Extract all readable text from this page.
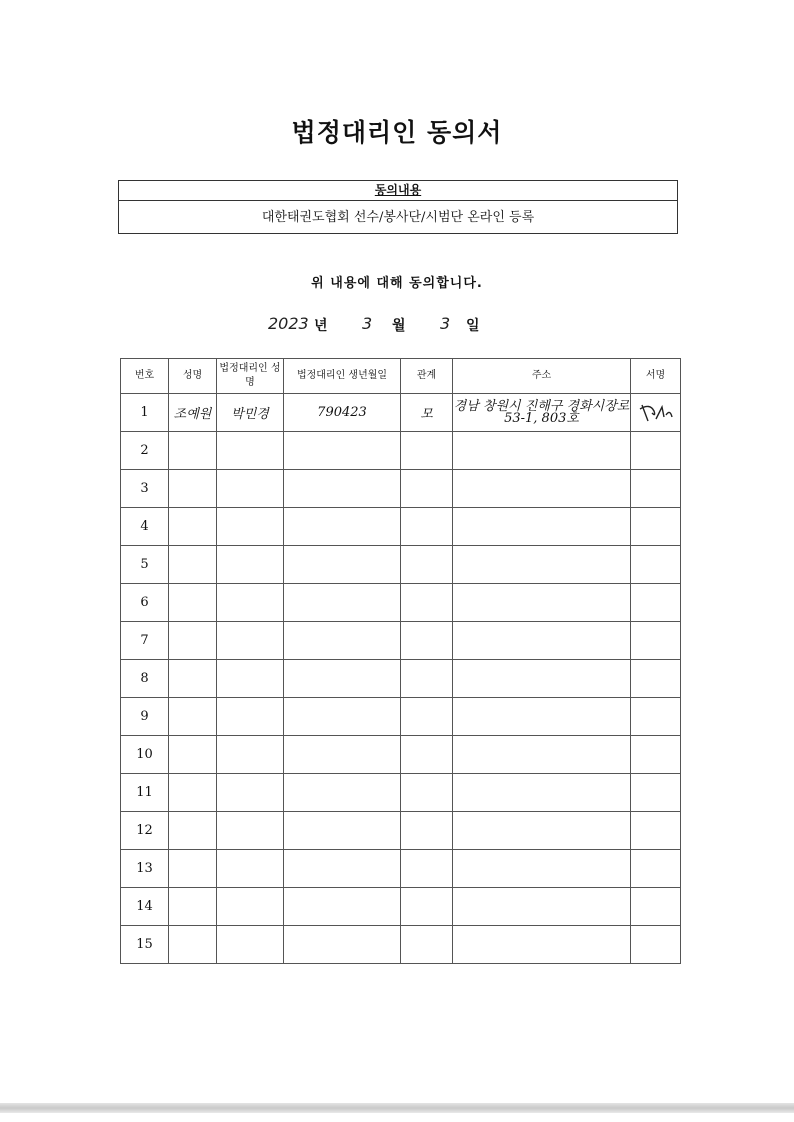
법정대리인 동의서
동의내용
대한태권도협회 선수/봉사단/시범단 온라인 등록
위 내용에 대해 동의합니다.
2023 년 3 월 3 일
번호	성명	법정대리인 성명	법정대리인 생년월일	관계	주소	서명
1	조예원	박민경	790423	모	경남 창원시 진해구 경화시장로 53-1, 803호	

2						
3						
4						
5						
6						
7						
8						
9						
10						
11						
12						
13						
14						
15						
